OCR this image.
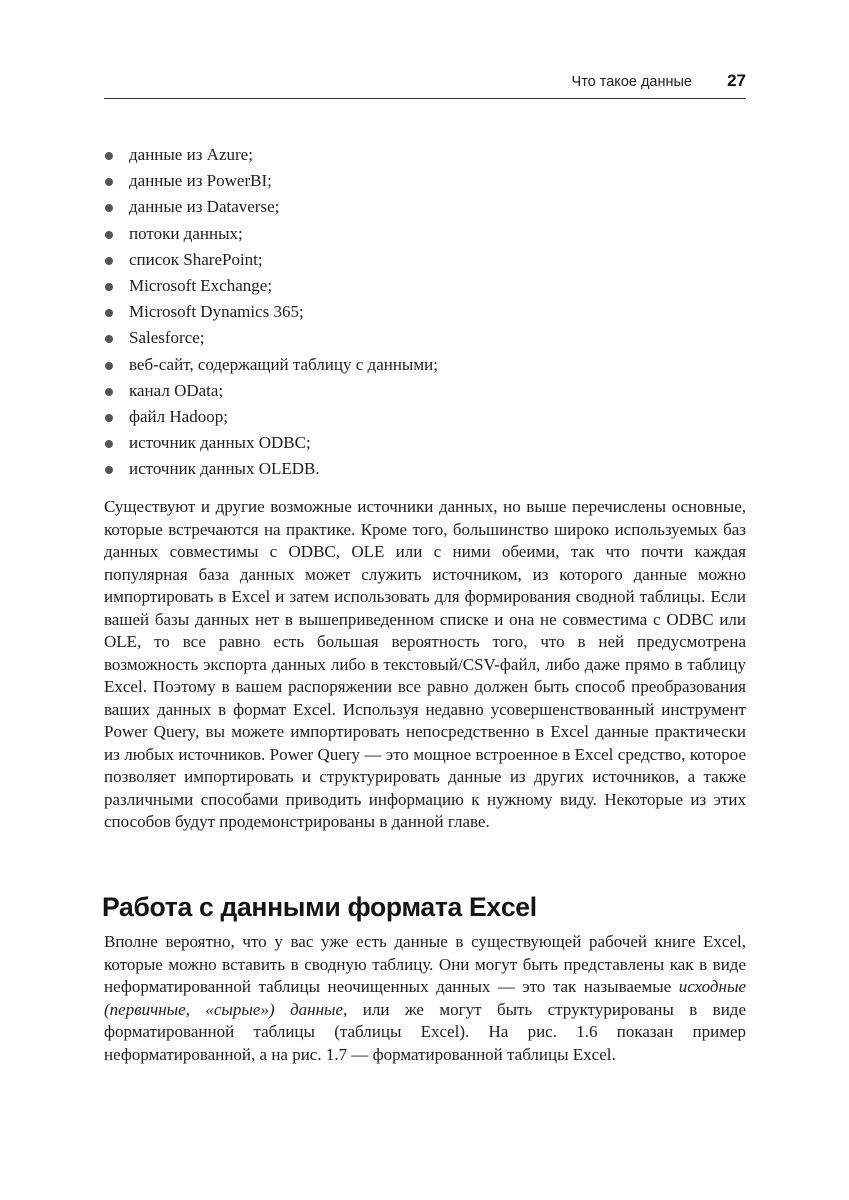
Что такое данные 27
данные из Azure;
данные из PowerBI;
данные из Dataverse;
потоки данных;
список SharePoint;
Microsoft Exchange;
Microsoft Dynamics 365;
Salesforce;
веб-сайт, содержащий таблицу с данными;
канал OData;
файл Hadoop;
источник данных ODBC;
источник данных OLEDB.

Существуют и другие возможные источники данных, но выше перечислены основные, которые встречаются на практике. Кроме того, большинство широко используемых баз данных совместимы с ODBC, OLE или с ними обеими, так что почти каждая популярная база данных может служить источником, из которого данные можно импортировать в Excel и затем использовать для формирования сводной таблицы. Если вашей базы данных нет в вышеприведенном списке и она не совместима с ODBC или OLE, то все равно есть большая вероятность того, что в ней предусмотрена возможность экспорта данных либо в текстовый/CSV-файл, либо даже прямо в таблицу Excel. Поэтому в вашем распоряжении все равно должен быть способ преобразования ваших данных в формат Excel. Используя недавно усовершенствованный инструмент Power Query, вы можете импортировать непосредственно в Excel данные практически из любых источников. Power Query — это мощное встроенное в Excel средство, которое позволяет импортировать и структурировать данные из других источников, а также различными способами приводить информацию к нужному виду. Некоторые из этих способов будут продемонстрированы в данной главе.

Работа с данными формата Excel

Вполне вероятно, что у вас уже есть данные в существующей рабочей книге Excel, которые можно вставить в сводную таблицу. Они могут быть представлены как в виде неформатированной таблицы неочищенных данных — это так называемые исходные (первичные, «сырые») данные, или же могут быть структурированы в виде форматированной таблицы (таблицы Excel). На рис. 1.6 показан пример неформатированной, а на рис. 1.7 — форматированной таблицы Excel.
